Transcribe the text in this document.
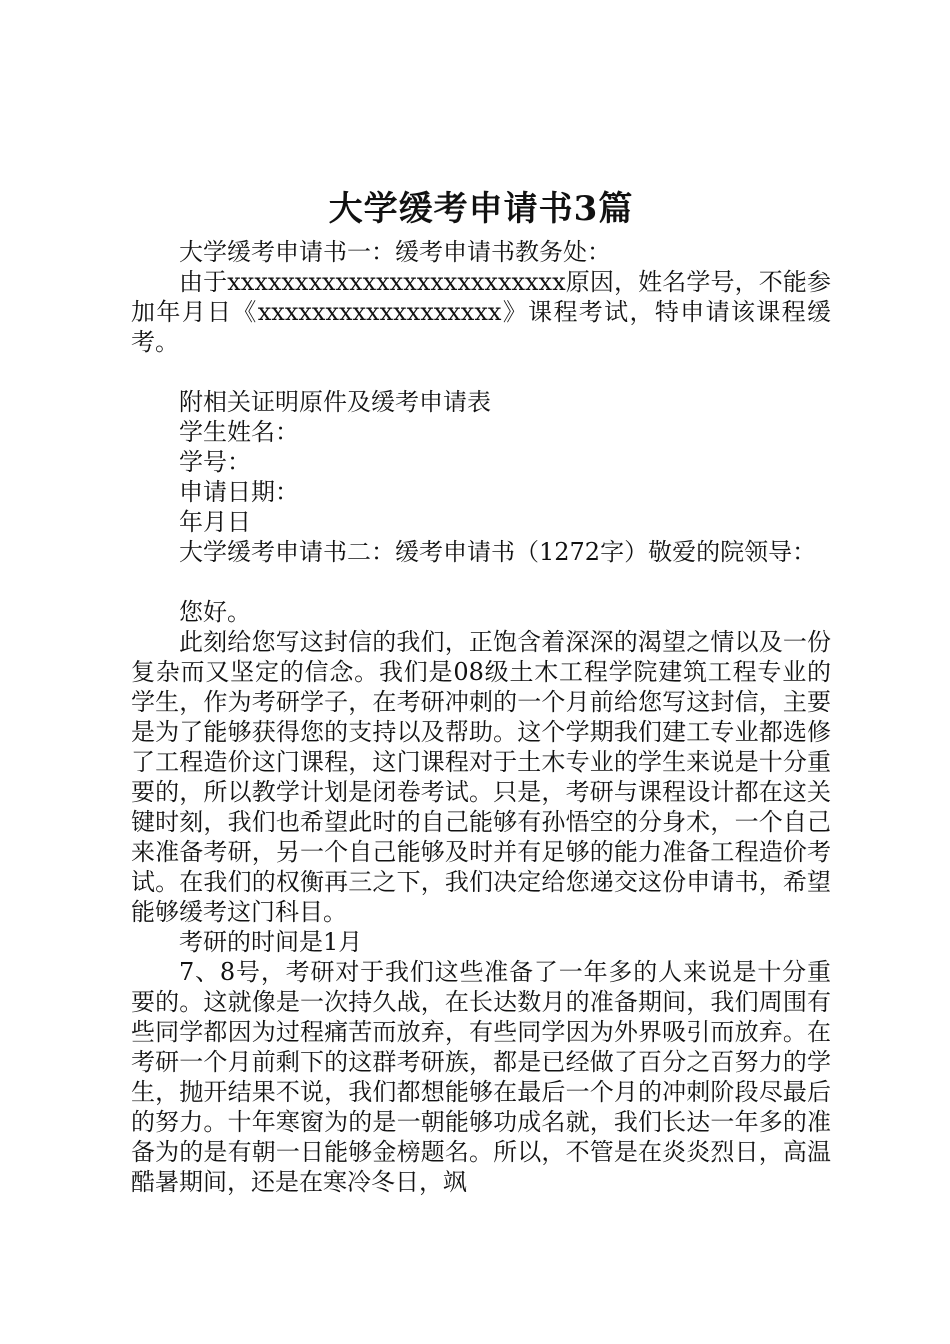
大学缓考申请书3篇

大学缓考申请书一：缓考申请书教务处：

由于xxxxxxxxxxxxxxxxxxxxxxxxx原因，姓名学号，不能参加年月日《xxxxxxxxxxxxxxxxxx》课程考试，特申请该课程缓考。

附相关证明原件及缓考申请表

学生姓名：

学号：

申请日期：

年月日

大学缓考申请书二：缓考申请书（1272字）敬爱的院领导：

您好。

此刻给您写这封信的我们，正饱含着深深的渴望之情以及一份复杂而又坚定的信念。我们是08级土木工程学院建筑工程专业的学生，作为考研学子，在考研冲刺的一个月前给您写这封信，主要是为了能够获得您的支持以及帮助。这个学期我们建工专业都选修了工程造价这门课程，这门课程对于土木专业的学生来说是十分重要的，所以教学计划是闭卷考试。只是，考研与课程设计都在这关键时刻，我们也希望此时的自己能够有孙悟空的分身术，一个自己来准备考研，另一个自己能够及时并有足够的能力准备工程造价考试。在我们的权衡再三之下，我们决定给您递交这份申请书，希望能够缓考这门科目。

考研的时间是1月

7、8号，考研对于我们这些准备了一年多的人来说是十分重要的。这就像是一次持久战，在长达数月的准备期间，我们周围有些同学都因为过程痛苦而放弃，有些同学因为外界吸引而放弃。在考研一个月前剩下的这群考研族，都是已经做了百分之百努力的学生，抛开结果不说，我们都想能够在最后一个月的冲刺阶段尽最后的努力。十年寒窗为的是一朝能够功成名就，我们长达一年多的准备为的是有朝一日能够金榜题名。所以，不管是在炎炎烈日，高温酷暑期间，还是在寒冷冬日，飒
